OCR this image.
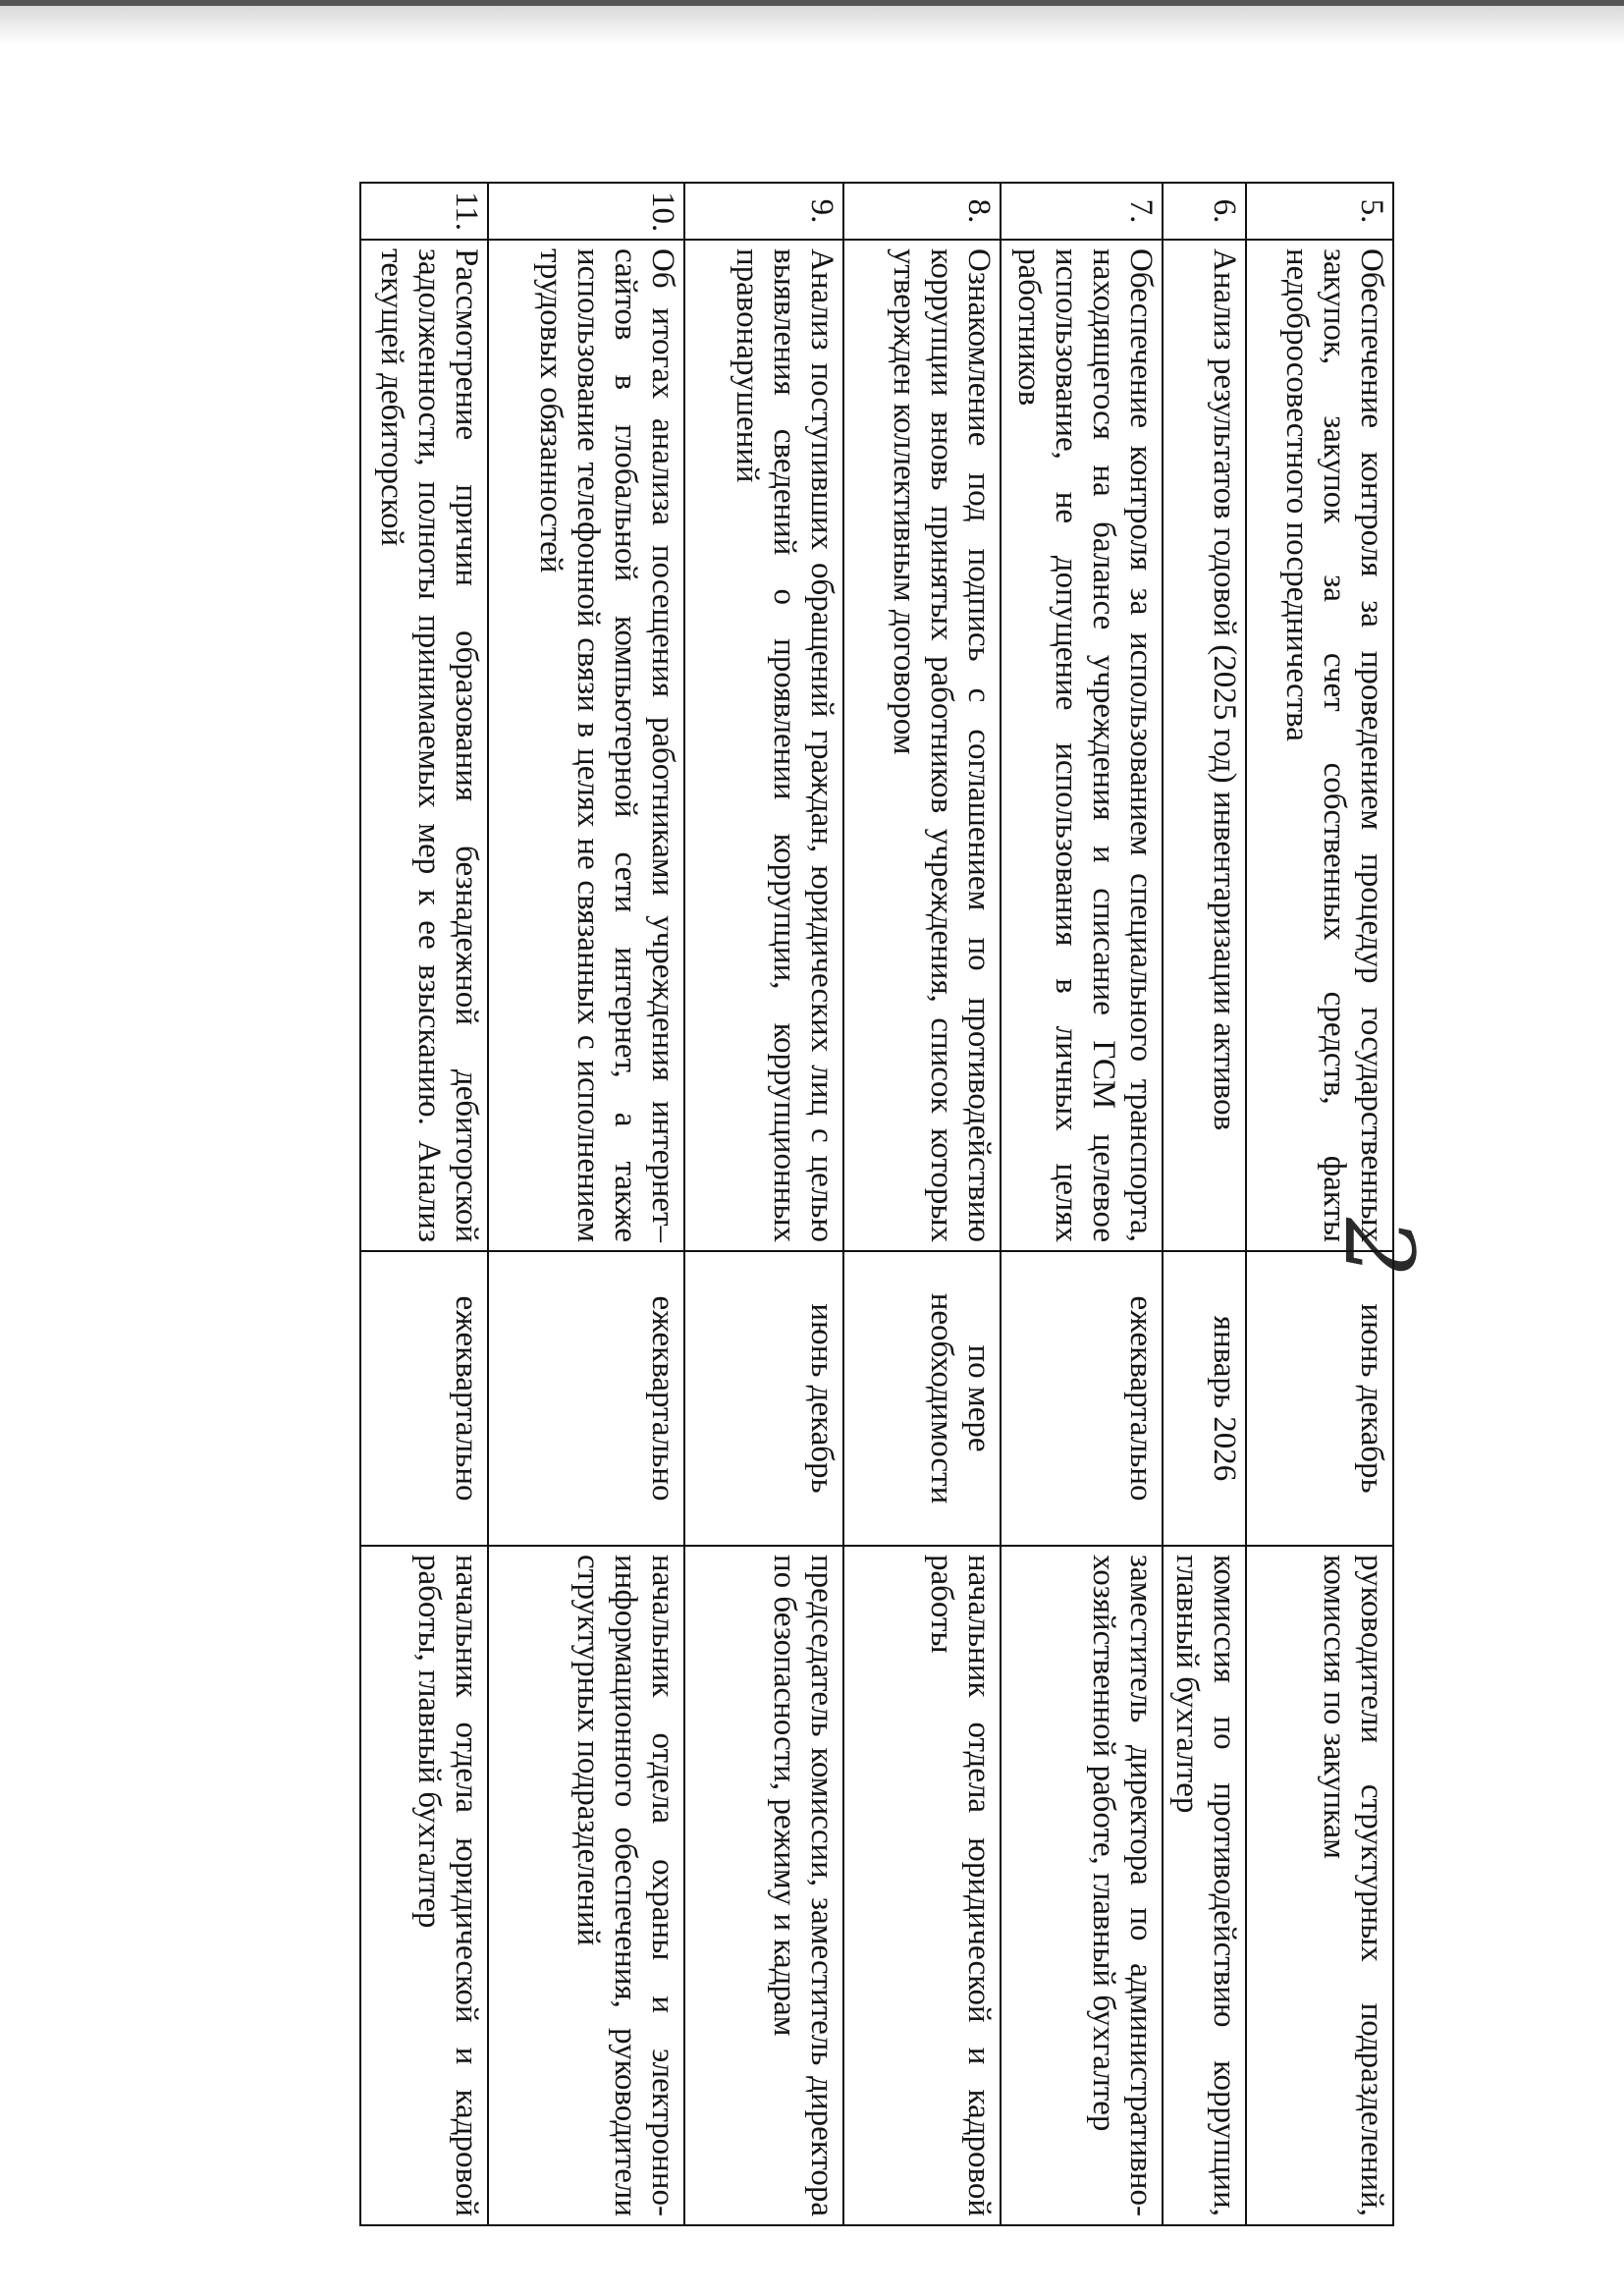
2
5.	Обеспечение контроля за проведением процедур государственных закупок, закупок за счет собственных средств, факты недобросовестного посредничества	июнь декабрь	руководители структурных подразделений, комиссия по закупкам
6.	Анализ результатов годовой (2025 год) инвентаризации активов	январь 2026	комиссия по противодействию коррупции, главный бухгалтер
7.	Обеспечение контроля за использованием специального транспорта, находящегося на балансе учреждения и списание ГСМ целевое использование, не допущение использования в личных целях работников	ежеквартально	заместитель директора по административно-хозяйственной работе, главный бухгалтер
8.	Ознакомление под подпись с соглашением по противодействию коррупции вновь принятых работников учреждения, список которых утвержден коллективным договором	по мере необходимости	начальник отдела юридической и кадровой работы
9.	Анализ поступивших обращений граждан, юридических лиц с целью выявления сведений о проявлении коррупции, коррупционных правонарушений	июнь декабрь	председатель комиссии, заместитель директора по безопасности, режиму и кадрам
10.	Об итогах анализа посещения работниками учреждения интернет–сайтов в глобальной компьютерной сети интернет, а также использование телефонной связи в целях не связанных с исполнением трудовых обязанностей	ежеквартально	начальник отдела охраны и электронно-информационного обеспечения, руководители структурных подразделений
11.	Рассмотрение причин образования безнадежной дебиторской задолженности, полноты принимаемых мер к ее взысканию. Анализ текущей дебиторской	ежеквартально	начальник отдела юридической и кадровой работы, главный бухгалтер
